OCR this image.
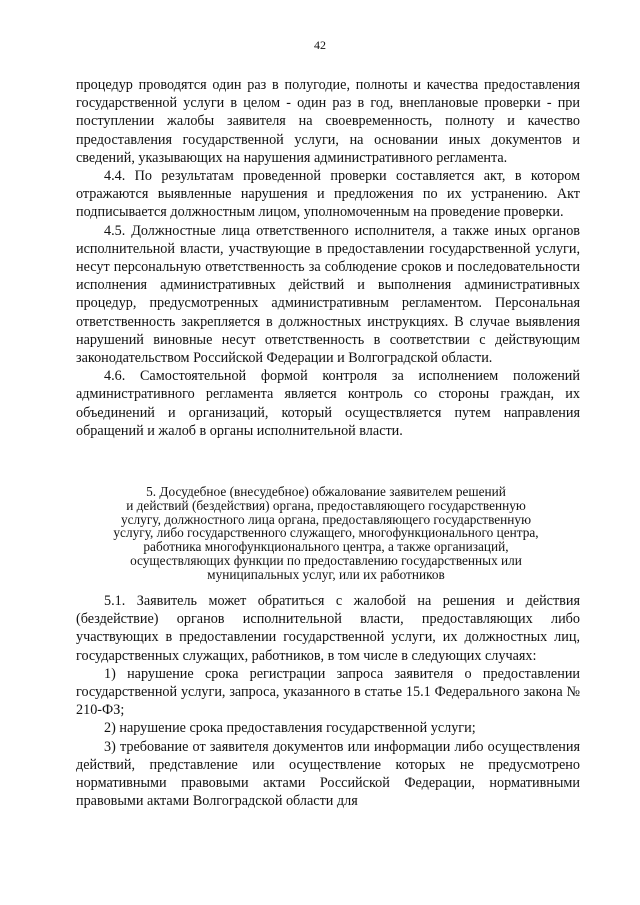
42

процедур проводятся один раз в полугодие, полноты и качества предоставления государственной услуги в целом - один раз в год, внеплановые проверки - при поступлении жалобы заявителя на своевременность, полноту и качество предоставления государственной услуги, на основании иных документов и сведений, указывающих на нарушения административного регламента.

4.4. По результатам проведенной проверки составляется акт, в котором отражаются выявленные нарушения и предложения по их устранению. Акт подписывается должностным лицом, уполномоченным на проведение проверки.

4.5. Должностные лица ответственного исполнителя, а также иных органов исполнительной власти, участвующие в предоставлении государственной услуги, несут персональную ответственность за соблюдение сроков и последовательности исполнения административных действий и выполнения административных процедур, предусмотренных административным регламентом. Персональная ответственность закрепляется в должностных инструкциях. В случае выявления нарушений виновные несут ответственность в соответствии с действующим законодательством Российской Федерации и Волгоградской области.

4.6. Самостоятельной формой контроля за исполнением положений административного регламента является контроль со стороны граждан, их объединений и организаций, который осуществляется путем направления обращений и жалоб в органы исполнительной власти.

5. Досудебное (внесудебное) обжалование заявителем решений
и действий (бездействия) органа, предоставляющего государственную
услугу, должностного лица органа, предоставляющего государственную
услугу, либо государственного служащего, многофункционального центра,
работника многофункционального центра, а также организаций,
осуществляющих функции по предоставлению государственных или
муниципальных услуг, или их работников

5.1. Заявитель может обратиться с жалобой на решения и действия (бездействие) органов исполнительной власти, предоставляющих либо участвующих в предоставлении государственной услуги, их должностных лиц, государственных служащих, работников, в том числе в следующих случаях:

1) нарушение срока регистрации запроса заявителя о предоставлении государственной услуги, запроса, указанного в статье 15.1 Федерального закона № 210-ФЗ;

2) нарушение срока предоставления государственной услуги;

3) требование от заявителя документов или информации либо осуществления действий, представление или осуществление которых не предусмотрено нормативными правовыми актами Российской Федерации, нормативными правовыми актами Волгоградской области для
